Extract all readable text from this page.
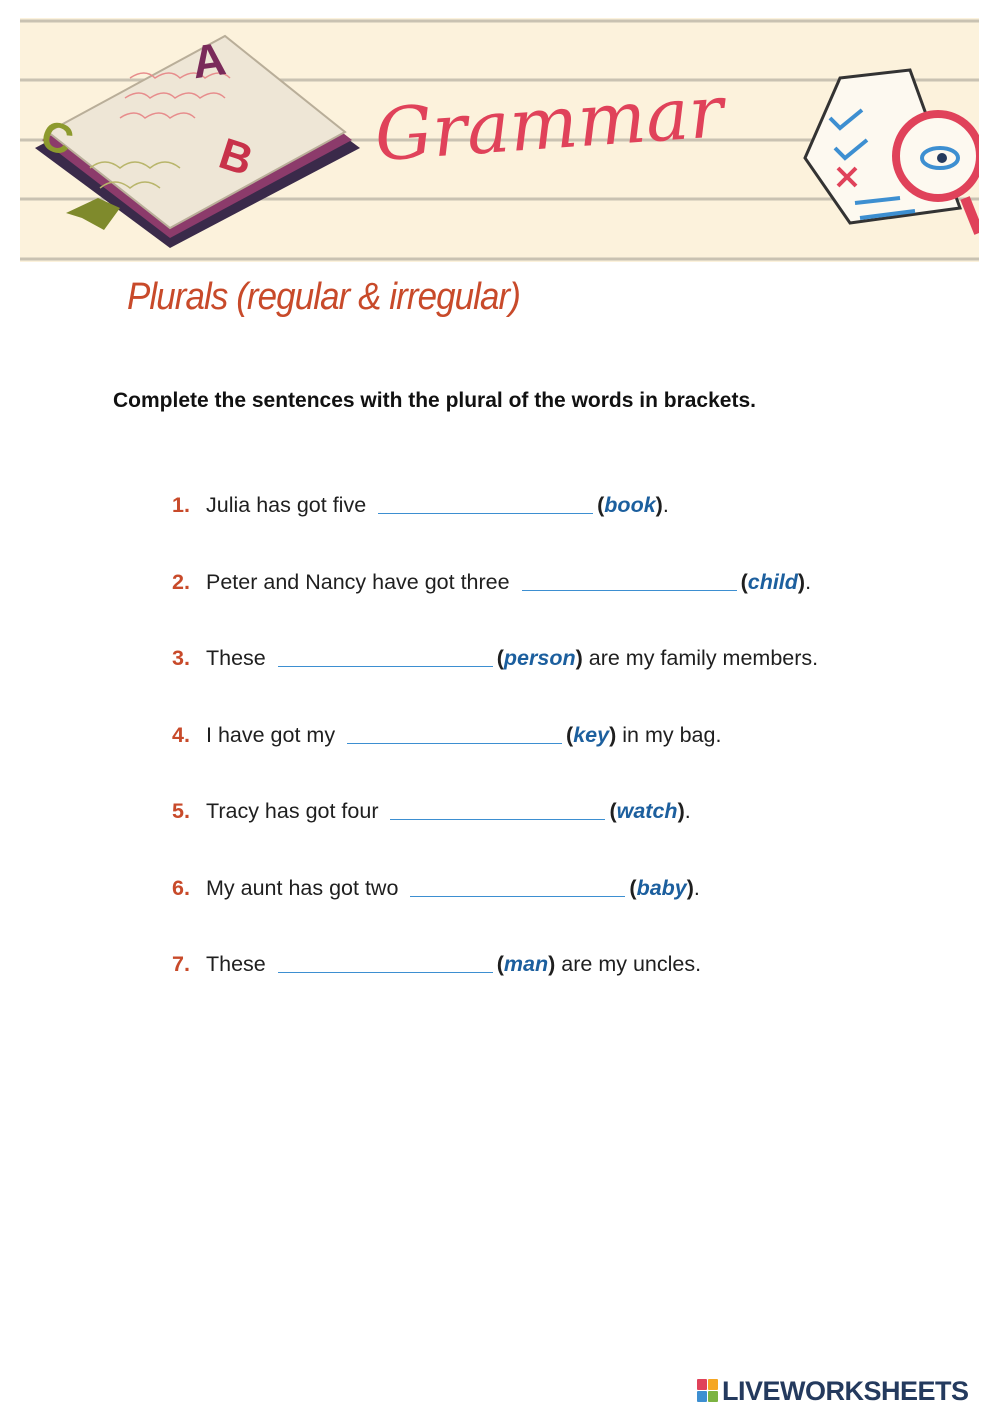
A
B
C	Grammar
Plurals (regular & irregular)
Complete the sentences with the plural of the words in brackets.
1. Julia has got five	(book).
2. Peter and Nancy have got three	(child).
3. These	(person) are my family members.
4. I have got my	(key) in my bag.
5. Tracy has got four	(watch).
6. My aunt has got two	(baby).
7. These	(man) are my uncles.
LIVEWORKSHEETS
